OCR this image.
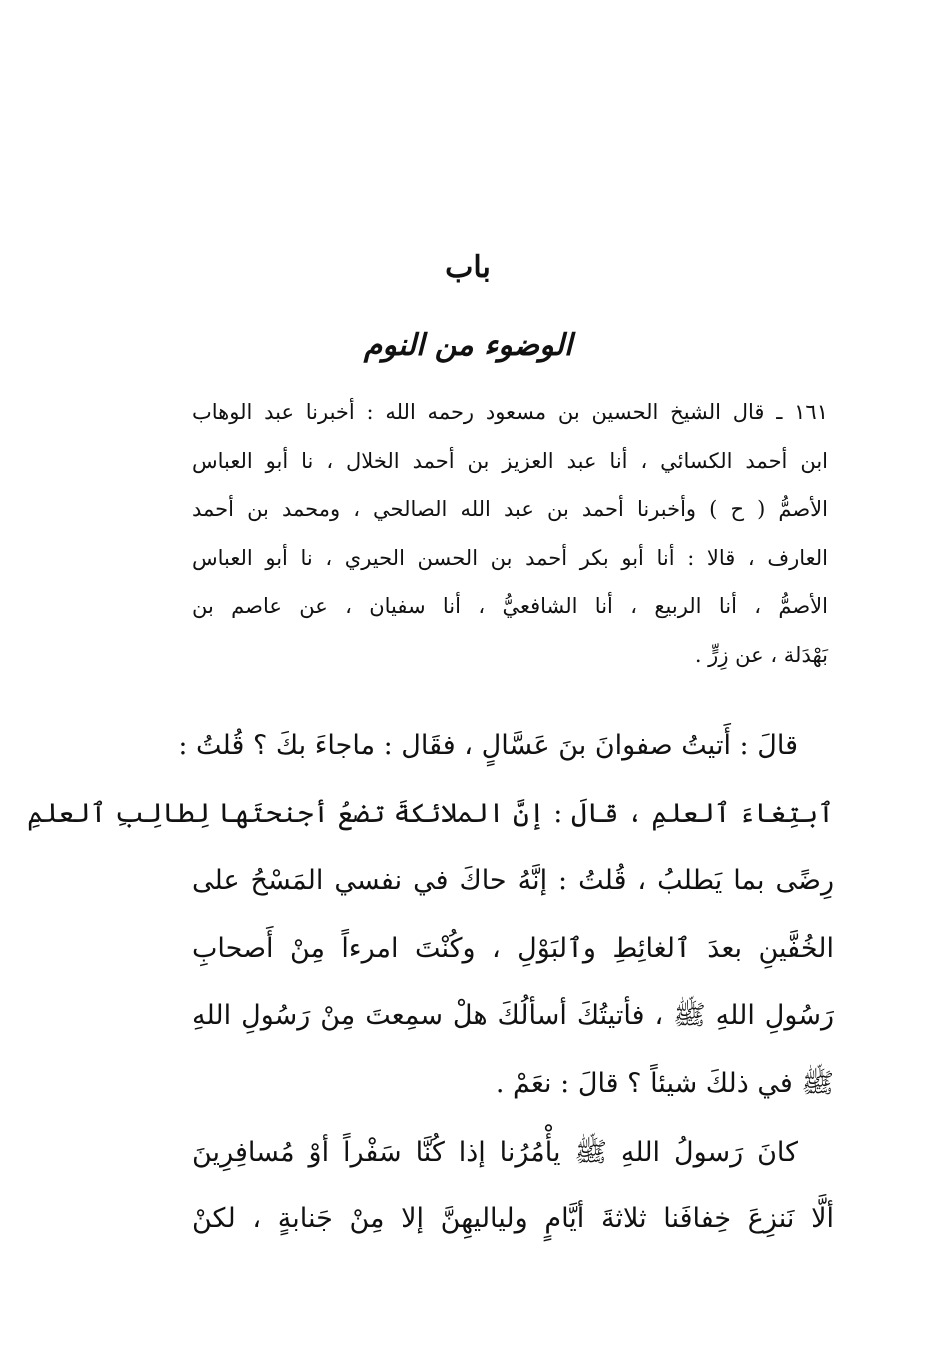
باب
الوضوء من النوم
١٦١ ـ قال الشيخ الحسين بن مسعود رحمه الله : أخبرنا عبد الوهاب
ابن أحمد الكسائي ، أنا عبد العزيز بن أحمد الخلال ، نا أبو العباس
الأصمُّ ( ح ) وأخبرنا أحمد بن عبد الله الصالحي ، ومحمد بن أحمد
العارف ، قالا : أنا أبو بكر أحمد بن الحسن الحيري ، نا أبو العباس
الأصمُّ ، أنا الربيع ، أنا الشافعيُّ ، أنا سفيان ، عن عاصم بن
بَهْدَلة ، عن زِرٍّ .
قالَ : أَتيتُ صفوانَ بنَ عَسَّالٍ ، فقَال : ماجاءَ بكَ ؟ قُلتُ :
ٱبتِغاءَ ٱلعلمِ ، قالَ : إنَّ الملائكةَ تضعُ أجنحتَها لِطالِبِ ٱلعلمِ
رِضًى بما يَطلبُ ، قُلتُ : إنَّهُ حاكَ في نفسي المَسْحُ على
الخُفَّينِ بعدَ ٱلغائِطِ وٱلبَوْلِ ، وكُنْتَ امرءاً مِنْ أَصحابِ
رَسُولِ اللهِ ﷺ ، فأتيتُكَ أسألُكَ هلْ سمِعتَ مِنْ رَسُولِ اللهِ
ﷺ في ذلكَ شيئاً ؟ قالَ : نعَمْ .
كانَ رَسولُ اللهِ ﷺ يأْمُرُنا إذا كُنَّا سَفْراً أوْ مُسافِرِينَ
ألَّا نَنزِعَ خِفافَنا ثلاثةَ أيَّامٍ ولياليهِنَّ إلا مِنْ جَنابةٍ ، لكنْ
